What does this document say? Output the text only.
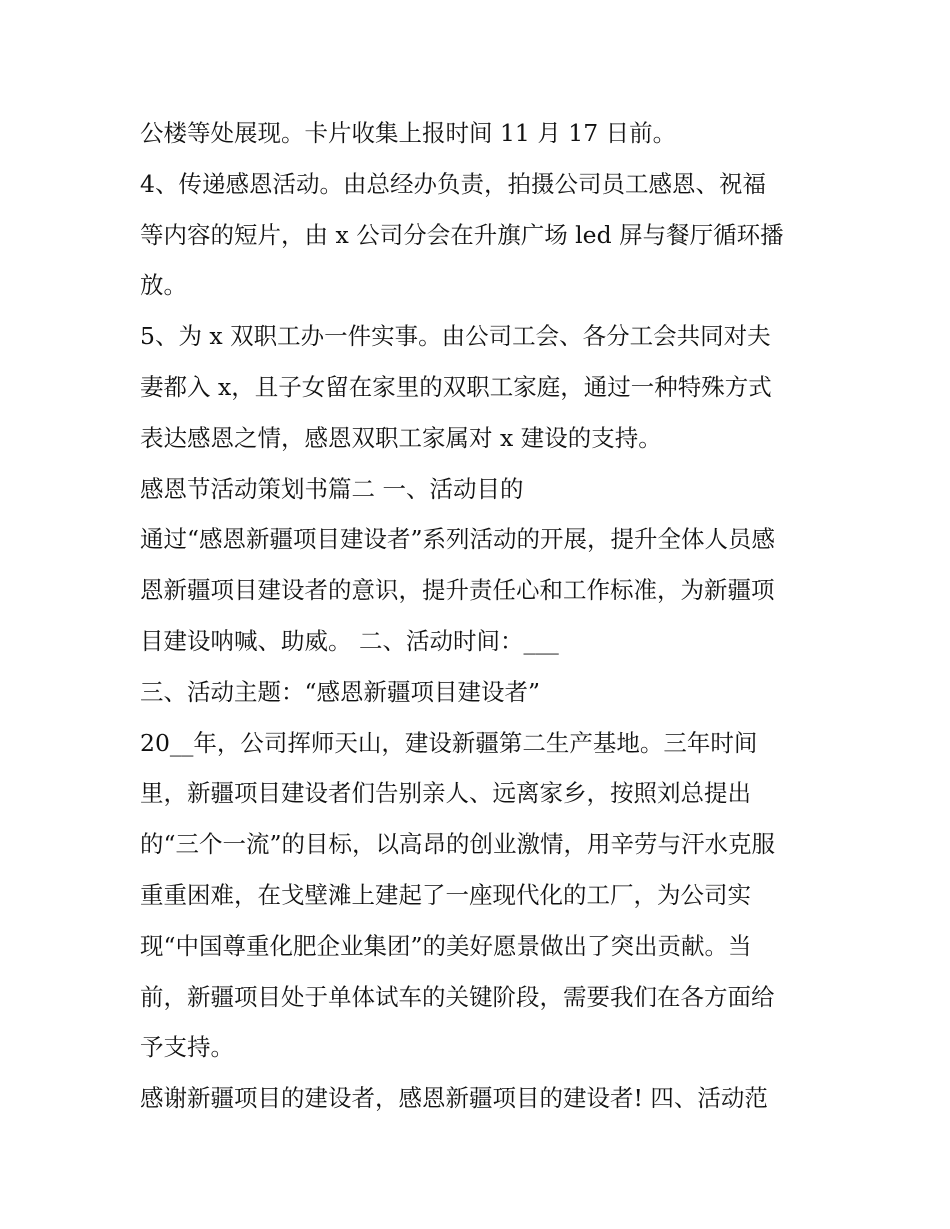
公楼等处展现。卡片收集上报时间 11 月 17 日前。
4、传递感恩活动。由总经办负责，拍摄公司员工感恩、祝福
等内容的短片，由 x 公司分会在升旗广场 led 屏与餐厅循环播
放。
5、为 x 双职工办一件实事。由公司工会、各分工会共同对夫
妻都入 x，且子女留在家里的双职工家庭，通过一种特殊方式
表达感恩之情，感恩双职工家属对 x 建设的支持。
感恩节活动策划书篇二 一、活动目的
通过“感恩新疆项目建设者”系列活动的开展，提升全体人员感
恩新疆项目建设者的意识，提升责任心和工作标准，为新疆项
目建设呐喊、助威。 二、活动时间：___
三、活动主题：“感恩新疆项目建设者”
20__年，公司挥师天山，建设新疆第二生产基地。三年时间
里，新疆项目建设者们告别亲人、远离家乡，按照刘总提出
的“三个一流”的目标，以高昂的创业激情，用辛劳与汗水克服
重重困难，在戈壁滩上建起了一座现代化的工厂，为公司实
现“中国尊重化肥企业集团”的美好愿景做出了突出贡献。当
前，新疆项目处于单体试车的关键阶段，需要我们在各方面给
予支持。
感谢新疆项目的建设者，感恩新疆项目的建设者! 四、活动范
